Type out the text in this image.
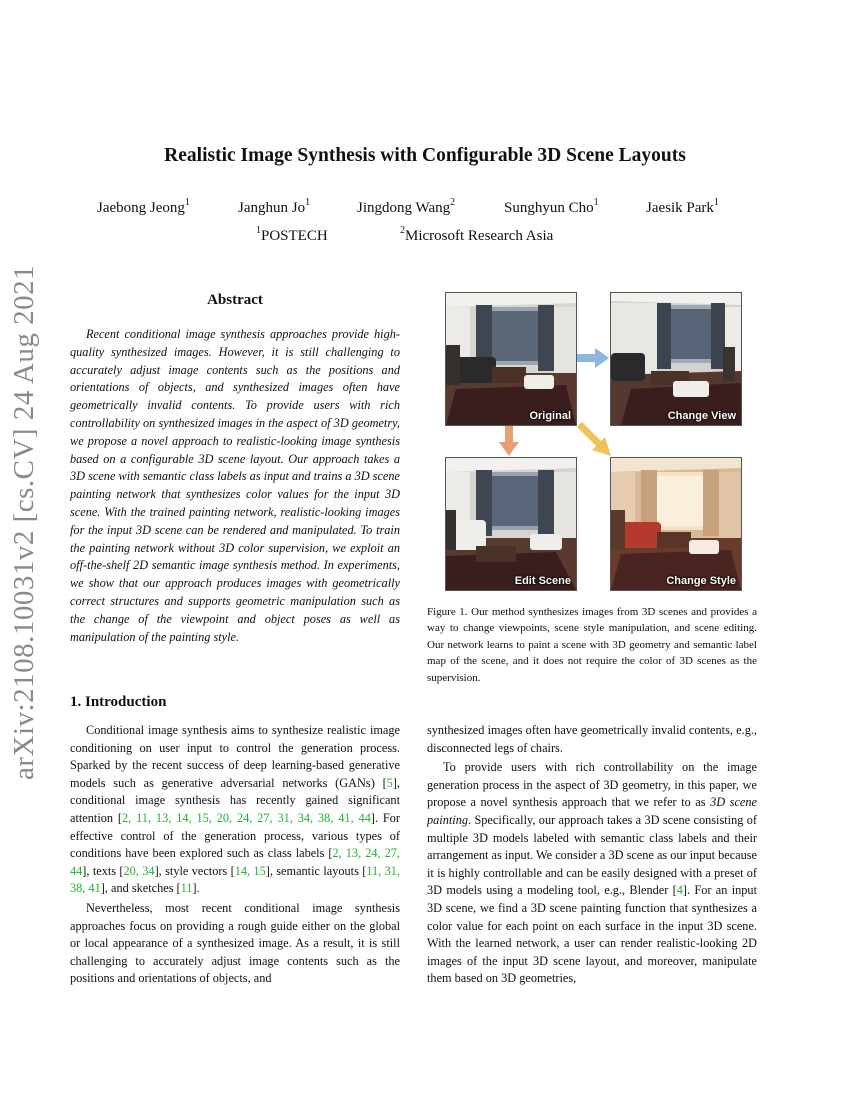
arXiv:2108.10031v2 [cs.CV] 24 Aug 2021
Realistic Image Synthesis with Configurable 3D Scene Layouts
Jaebong Jeong$^1$	Janghun Jo$^1$	Jingdong Wang$^2$	Sunghyun Cho$^1$	Jaesik Park$^1$
$^1$POSTECH	$^2$Microsoft Research Asia
Abstract
Recent conditional image synthesis approaches provide high-quality synthesized images. However, it is still challenging to accurately adjust image contents such as the positions and orientations of objects, and synthesized images often have geometrically invalid contents. To provide users with rich controllability on synthesized images in the aspect of 3D geometry, we propose a novel approach to realistic-looking image synthesis based on a configurable 3D scene layout. Our approach takes a 3D scene with semantic class labels as input and trains a 3D scene painting network that synthesizes color values for the input 3D scene. With the trained painting network, realistic-looking images for the input 3D scene can be rendered and manipulated. To train the painting network without 3D color supervision, we exploit an off-the-shelf 2D semantic image synthesis method. In experiments, we show that our approach produces images with geometrically correct structures and supports geometric manipulation such as the change of the viewpoint and object poses as well as manipulation of the painting style.
Original	Change View
Edit Scene	Change Style
Figure 1. Our method synthesizes images from 3D scenes and provides a way to change viewpoints, scene style manipulation, and scene editing. Our network learns to paint a scene with 3D geometry and semantic label map of the scene, and it does not require the color of 3D scenes as the supervision.
1. Introduction

Conditional image synthesis aims to synthesize realistic image conditioning on user input to control the generation process. Sparked by the recent success of deep learning-based generative models such as generative adversarial networks (GANs) [5], conditional image synthesis has recently gained significant attention [2, 11, 13, 14, 15, 20, 24, 27, 31, 34, 38, 41, 44]. For effective control of the generation process, various types of conditions have been explored such as class labels [2, 13, 24, 27, 44], texts [20, 34], style vectors [14, 15], semantic layouts [11, 31, 38, 41], and sketches [11].

Nevertheless, most recent conditional image synthesis approaches focus on providing a rough guide either on the global or local appearance of a synthesized image. As a result, it is still challenging to accurately adjust image contents such as the positions and orientations of objects, and

synthesized images often have geometrically invalid contents, e.g., disconnected legs of chairs.

To provide users with rich controllability on the image generation process in the aspect of 3D geometry, in this paper, we propose a novel synthesis approach that we refer to as 3D scene painting. Specifically, our approach takes a 3D scene consisting of multiple 3D models labeled with semantic class labels and their arrangement as input. We consider a 3D scene as our input because it is highly controllable and can be easily designed with a preset of 3D models using a modeling tool, e.g., Blender [4]. For an input 3D scene, we find a 3D scene painting function that synthesizes a color value for each point on each surface in the input 3D scene. With the learned network, a user can render realistic-looking 2D images of the input 3D scene layout, and moreover, manipulate them based on 3D geometries,
